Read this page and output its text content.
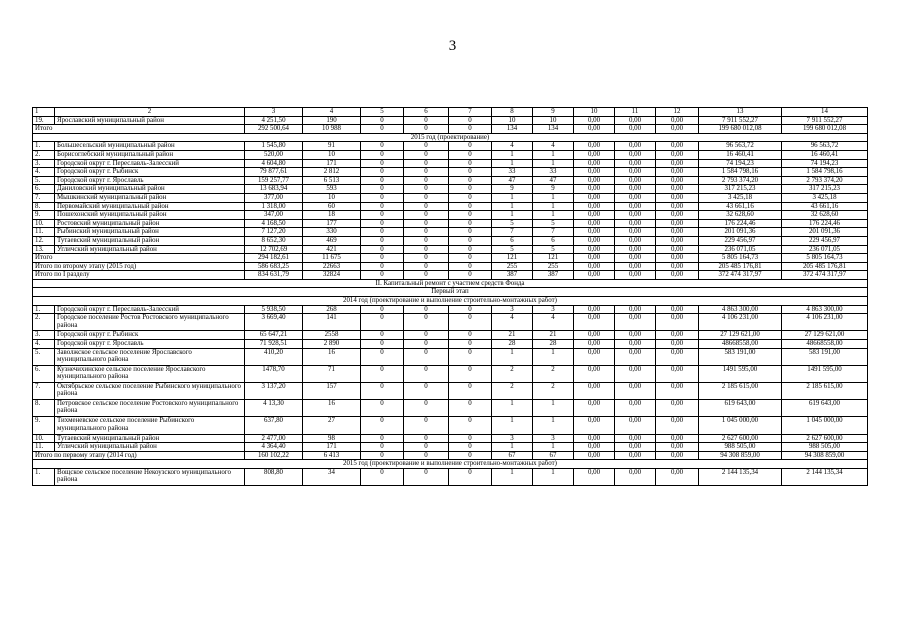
3
1	2	3	4	5	6	7	8	9	10	11	12	13	14
19.	Ярославский муниципальный район	4 251,50	190	0	0	0	10	10	0,00	0,00	0,00	7 911 552,27	7 911 552,27
Итого		292 500,64	10 988	0	0	0	134	134	0,00	0,00	0,00	199 680 012,08	199 680 012,08
2015 год (проектирование)													
1.	Большесельский муниципальный район	1 545,80	91	0	0	0	4	4	0,00	0,00	0,00	96 563,72	96 563,72
2.	Борисоглебский муниципальный район	520,00	10	0	0	0	1	1	0,00	0,00	0,00	16 460,41	16 460,41
3.	Городской округ г. Переславль-Залесский	4 604,80	171	0	0	0	1	1	0,00	0,00	0,00	74 194,23	74 194,23
4.	Городской округ г. Рыбинск	79 877,61	2 812	0	0	0	33	33	0,00	0,00	0,00	1 584 798,16	1 584 798,16
5.	Городской округ г. Ярославль	159 257,77	6 513	0	0	0	47	47	0,00	0,00	0,00	2 793 374,20	2 793 374,20
6.	Даниловский муниципальный район	13 683,94	593	0	0	0	9	9	0,00	0,00	0,00	317 215,23	317 215,23
7.	Мышкинский муниципальный район	377,00	10	0	0	0	1	1	0,00	0,00	0,00	3 425,18	3 425,18
8.	Первомайский муниципальный район	1 318,00	60	0	0	0	1	1	0,00	0,00	0,00	43 661,16	43 661,16
9.	Пошехонский муниципальный район	347,00	18	0	0	0	1	1	0,00	0,00	0,00	32 628,60	32 628,60
10.	Ростовский муниципальный район	4 168,50	177	0	0	0	5	5	0,00	0,00	0,00	176 224,46	176 224,46
11.	Рыбинский муниципальный район	7 127,20	330	0	0	0	7	7	0,00	0,00	0,00	201 091,36	201 091,36
12.	Тутаевский муниципальный район	8 652,30	469	0	0	0	6	6	0,00	0,00	0,00	229 456,97	229 456,97
13.	Угличский муниципальный район	12 702,69	421	0	0	0	5	5	0,00	0,00	0,00	236 071,05	236 071,05
Итого		294 182,61	11 675	0	0	0	121	121	0,00	0,00	0,00	5 805 164,73	5 805 164,73
Итого по второму этапу (2015 год)		586 683,25	22663	0	0	0	255	255	0,00	0,00	0,00	205 485 176,81	205 485 176,81
Итого по I разделу		834 631,79	32824	0	0	0	387	387	0,00	0,00	0,00	372 474 317,97	372 474 317,97
II. Капитальный ремонт с участием средств Фонда													
Первый этап													
2014 год (проектирование и выполнение строительно-монтажных работ)													
1.	Городской округ г. Переславль-Залесский	5 938,50	268	0	0	0	3	3	0,00	0,00	0,00	4 863 300,00	4 863 300,00
2.	Городское поселение Ростов Ростовского муниципального района	3 669,40	141	0	0	0	4	4	0,00	0,00	0,00	4 106 231,00	4 106 231,00
3.	Городской округ г. Рыбинск	65 647,21	2558	0	0	0	21	21	0,00	0,00	0,00	27 129 621,00	27 129 621,00
4.	Городской округ г. Ярославль	71 928,51	2 890	0	0	0	28	28	0,00	0,00	0,00	48668558,00	48668558,00
5.	Заволжское сельское поселение Ярославского муниципального района	410,20	16	0	0	0	1	1	0,00	0,00	0,00	583 191,00	583 191,00
6.	Кузнечихинское сельское поселение Ярославского муниципального района	1478,70	71	0	0	0	2	2	0,00	0,00	0,00	1491 595,00	1491 595,00
7.	Октябрьское сельское поселение Рыбинского муниципального района	3 137,20	157	0	0	0	2	2	0,00	0,00	0,00	2 185 615,00	2 185 615,00
8.	Петровское сельское поселение Ростовского муниципального района	4 13,30	16	0	0	0	1	1	0,00	0,00	0,00	619 643,00	619 643,00
9.	Тихменевское сельское поселение Рыбинского муниципального района	637,80	27	0	0	0	1	1	0,00	0,00	0,00	1 045 000,00	1 045 000,00
10.	Тутаевский муниципальный район	2 477,00	98	0	0	0	3	3	0,00	0,00	0,00	2 627 600,00	2 627 600,00
11.	Угличский муниципальный район	4 364,40	171	0	0	0	1	1	0,00	0,00	0,00	988 505,00	988 505,00
Итого по первому этапу (2014 год)		160 102,22	6 413	0	0	0	67	67	0,00	0,00	0,00	94 308 859,00	94 308 859,00
2015 год (проектирование и выполнение строительно-монтажных работ)													
1.	Вощское сельское поселение Некоузского муниципального района	808,80	34	0	0	0	1	1	0,00	0,00	0,00	2 144 135,34	2 144 135,34
